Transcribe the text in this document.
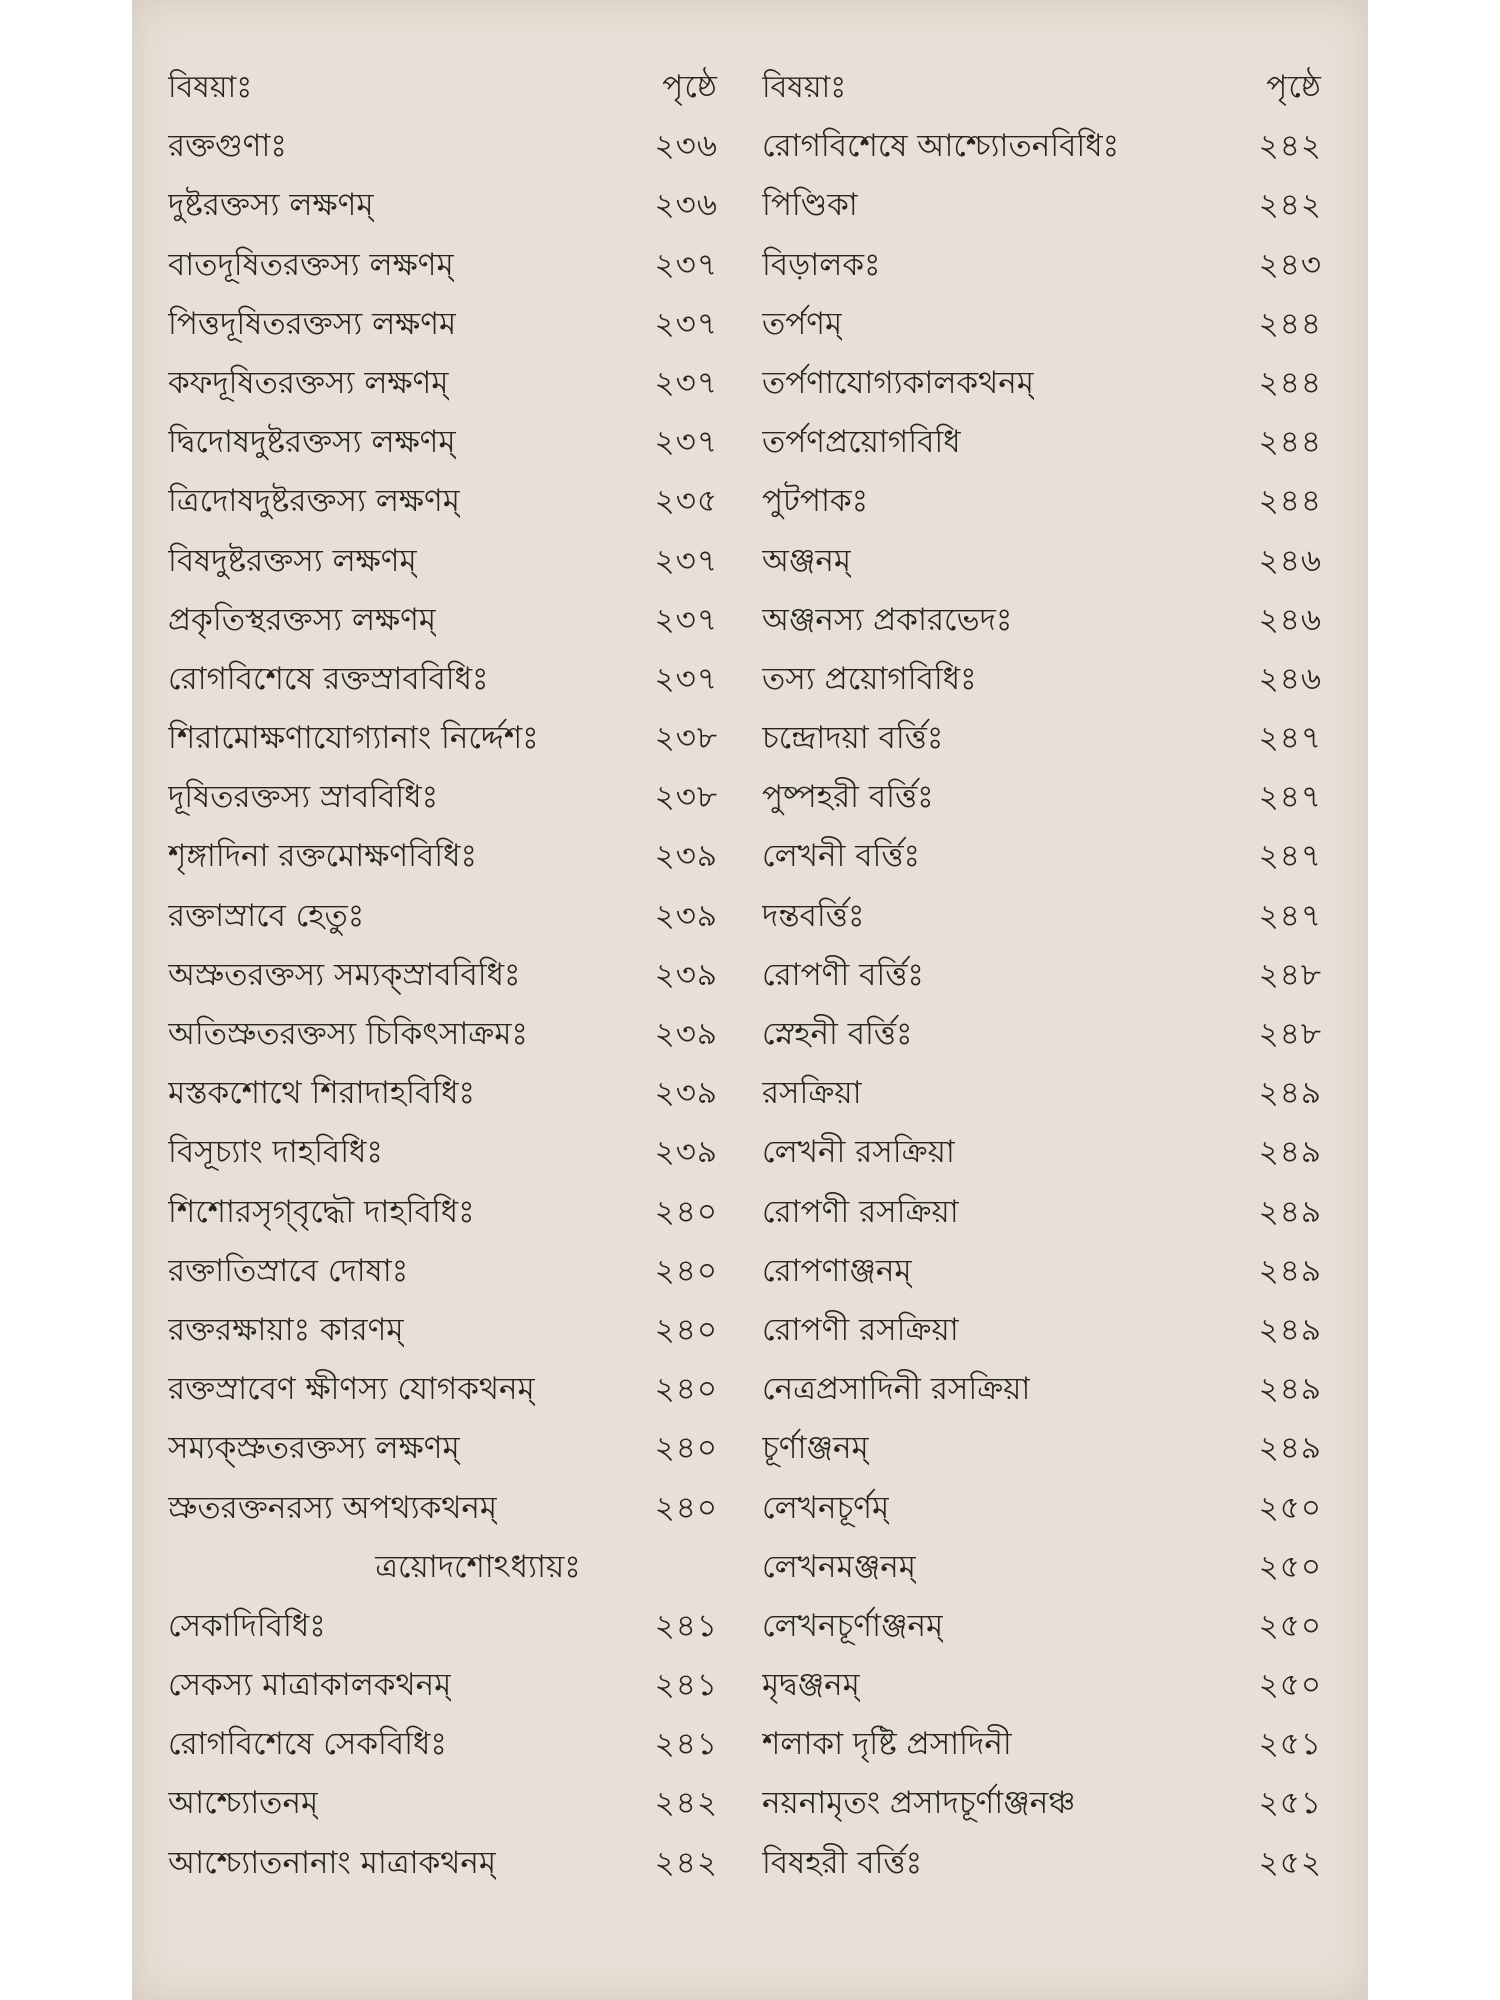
বিষয়াঃ	পৃষ্ঠে
রক্তগুণাঃ	২৩৬
দুষ্টরক্তস্য লক্ষণম্	২৩৬
বাতদূষিতরক্তস্য লক্ষণম্	২৩৭
পিত্তদূষিতরক্তস্য লক্ষণম	২৩৭
কফদূষিতরক্তস্য লক্ষণম্	২৩৭
দ্বিদোষদুষ্টরক্তস্য লক্ষণম্	২৩৭
ত্রিদোষদুষ্টরক্তস্য লক্ষণম্	২৩৫
বিষদুষ্টরক্তস্য লক্ষণম্	২৩৭
প্রকৃতিস্থরক্তস্য লক্ষণম্	২৩৭
রোগবিশেষে রক্তস্রাববিধিঃ	২৩৭
শিরামোক্ষণাযোগ্যানাং নির্দ্দেশঃ	২৩৮
দূষিতরক্তস্য স্রাববিধিঃ	২৩৮
শৃঙ্গাদিনা রক্তমোক্ষণবিধিঃ	২৩৯
রক্তাস্রাবে হেতুঃ	২৩৯
অস্রুতরক্তস্য সম্যক্‌স্রাববিধিঃ	২৩৯
অতিস্রুতরক্তস্য চিকিৎসাক্রমঃ	২৩৯
মস্তকশোথে শিরাদাহবিধিঃ	২৩৯
বিসূচ্যাং দাহবিধিঃ	২৩৯
শিশোরসৃগ্‌বৃদ্ধৌ দাহবিধিঃ	২৪০
রক্তাতিস্রাবে দোষাঃ	২৪০
রক্তরক্ষায়াঃ কারণম্	২৪০
রক্তস্রাবেণ ক্ষীণস্য যোগকথনম্	২৪০
সম্যক্‌স্রুতরক্তস্য লক্ষণম্	২৪০
স্রুতরক্তনরস্য অপথ্যকথনম্	২৪০
ত্রয়োদশোঽধ্যায়ঃ
সেকাদিবিধিঃ	২৪১
সেকস্য মাত্রাকালকথনম্	২৪১
রোগবিশেষে সেকবিধিঃ	২৪১
আশ্চ্যোতনম্	২৪২
আশ্চ্যোতনানাং মাত্রাকথনম্	২৪২
বিষয়াঃ	পৃষ্ঠে
রোগবিশেষে আশ্চ্যোতনবিধিঃ	২৪২
পিণ্ডিকা	২৪২
বিড়ালকঃ	২৪৩
তর্পণম্	২৪৪
তর্পণাযোগ্যকালকথনম্	২৪৪
তর্পণপ্রয়োগবিধি	২৪৪
পুটপাকঃ	২৪৪
অঞ্জনম্	২৪৬
অঞ্জনস্য প্রকারভেদঃ	২৪৬
তস্য প্রয়োগবিধিঃ	২৪৬
চন্দ্রোদয়া বর্ত্তিঃ	২৪৭
পুষ্পহরী বর্ত্তিঃ	২৪৭
লেখনী বর্ত্তিঃ	২৪৭
দন্তবর্ত্তিঃ	২৪৭
রোপণী বর্ত্তিঃ	২৪৮
স্নেহনী বর্ত্তিঃ	২৪৮
রসক্রিয়া	২৪৯
লেখনী রসক্রিয়া	২৪৯
রোপণী রসক্রিয়া	২৪৯
রোপণাঞ্জনম্	২৪৯
রোপণী রসক্রিয়া	২৪৯
নেত্রপ্রসাদিনী রসক্রিয়া	২৪৯
চূর্ণাঞ্জনম্	২৪৯
লেখনচূর্ণম্	২৫০
লেখনমঞ্জনম্	২৫০
লেখনচূর্ণাঞ্জনম্	২৫০
মৃদ্বঞ্জনম্	২৫০
শলাকা দৃষ্টি প্রসাদিনী	২৫১
নয়নামৃতং প্রসাদচূর্ণাঞ্জনঞ্চ	২৫১
বিষহরী বর্ত্তিঃ	২৫২
